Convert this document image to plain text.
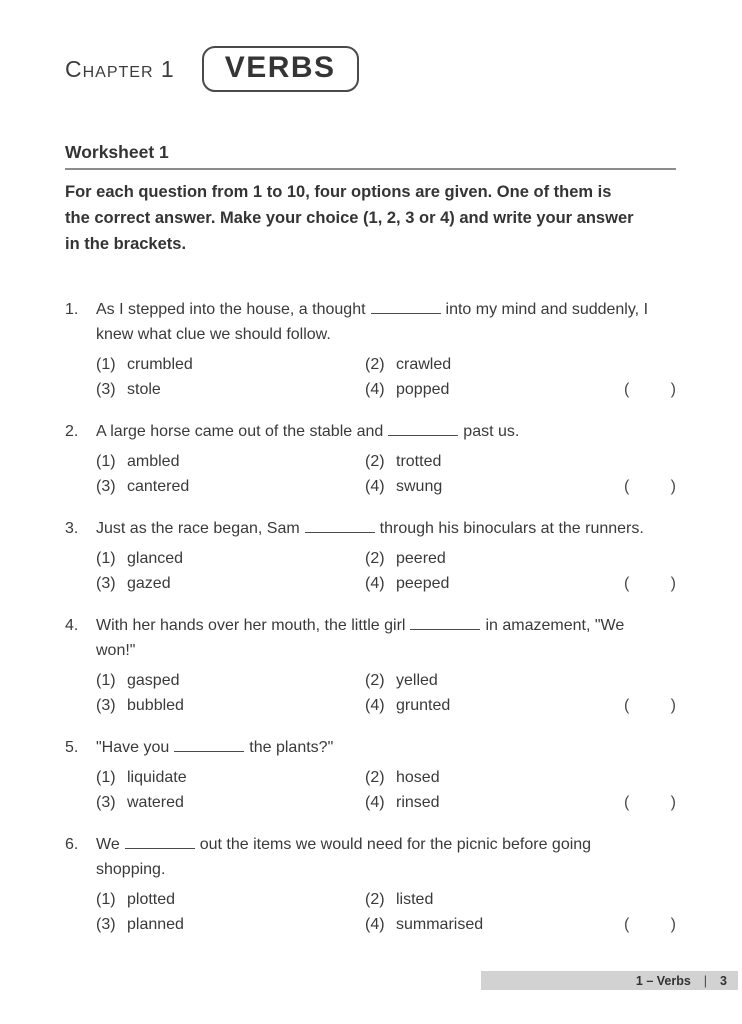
Chapter 1	VERBS
Worksheet 1
For each question from 1 to 10, four options are given. One of them is
the correct answer. Make your choice (1, 2, 3 or 4) and write your answer
in the brackets.
1.	As I stepped into the house, a thought	into my mind and suddenly, I knew what clue we should follow.

(1) crumbled	(2) crawled
(3) stole	(4) popped	(	)
2.	A large horse came out of the stable and	past us.

(1) ambled	(2) trotted
(3) cantered	(4) swung	(	)
3.	Just as the race began, Sam	through his binoculars at the runners.

(1) glanced	(2) peered
(3) gazed	(4) peeped	(	)
4.	With her hands over her mouth, the little girl	in amazement, "We won!"

(1) gasped	(2) yelled
(3) bubbled	(4) grunted	(	)
5.	"Have you	the plants?"

(1) liquidate	(2) hosed
(3) watered	(4) rinsed	(	)
6.	We	out the items we would need for the picnic before going shopping.

(1) plotted	(2) listed
(3) planned	(4) summarised	(	)
1 – Verbs | 3
